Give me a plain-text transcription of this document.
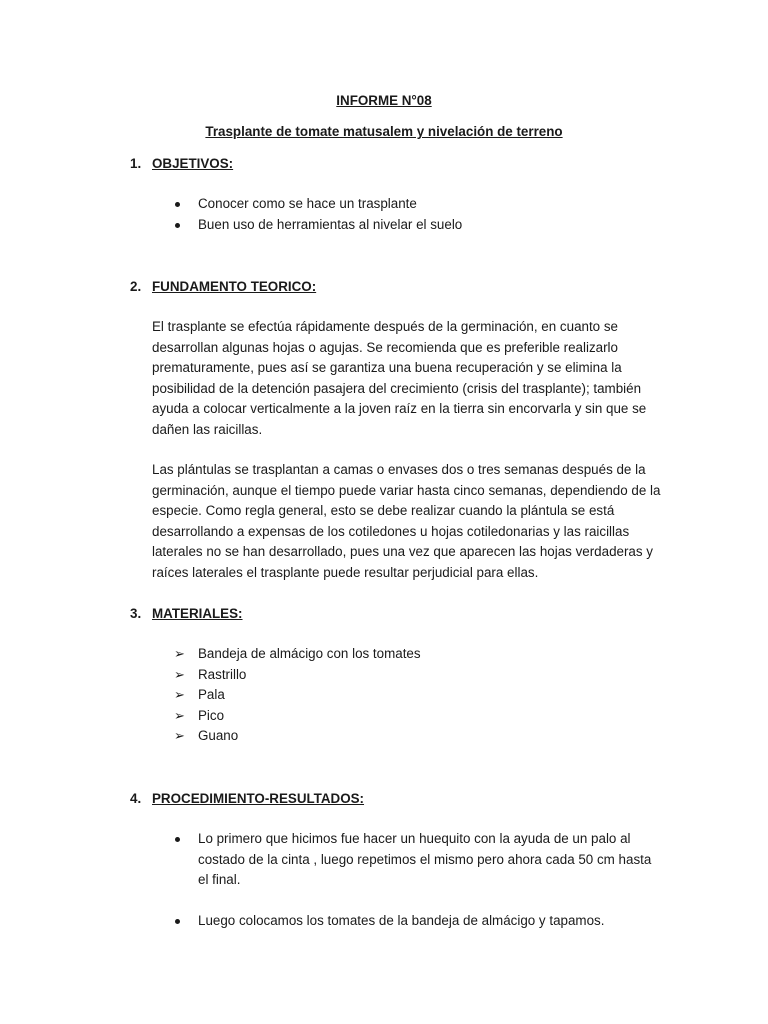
INFORME N°08

Trasplante de tomate matusalem y nivelación de terreno

1. OBJETIVOS:

Conocer como se hace un trasplante
Buen uso de herramientas al nivelar el suelo

2. FUNDAMENTO TEORICO:

El trasplante se efectúa rápidamente después de la germinación, en cuanto se desarrollan algunas hojas o agujas. Se recomienda que es preferible realizarlo prematuramente, pues así se garantiza una buena recuperación y se elimina la posibilidad de la detención pasajera del crecimiento (crisis del trasplante); también ayuda a colocar verticalmente a la joven raíz en la tierra sin encorvarla y sin que se dañen las raicillas.

Las plántulas se trasplantan a camas o envases dos o tres semanas después de la germinación, aunque el tiempo puede variar hasta cinco semanas, dependiendo de la especie. Como regla general, esto se debe realizar cuando la plántula se está desarrollando a expensas de los cotiledones u hojas cotiledonarias y las raicillas laterales no se han desarrollado, pues una vez que aparecen las hojas verdaderas y raíces laterales el trasplante puede resultar perjudicial para ellas.

3. MATERIALES:

➢ Bandeja de almácigo con los tomates
➢ Rastrillo
➢ Pala
➢ Pico
➢ Guano

4. PROCEDIMIENTO-RESULTADOS:

Lo primero que hicimos fue hacer un huequito con la ayuda de un palo al costado de la cinta , luego repetimos el mismo pero ahora cada 50 cm hasta el final.
Luego colocamos los tomates de la bandeja de almácigo y tapamos.
